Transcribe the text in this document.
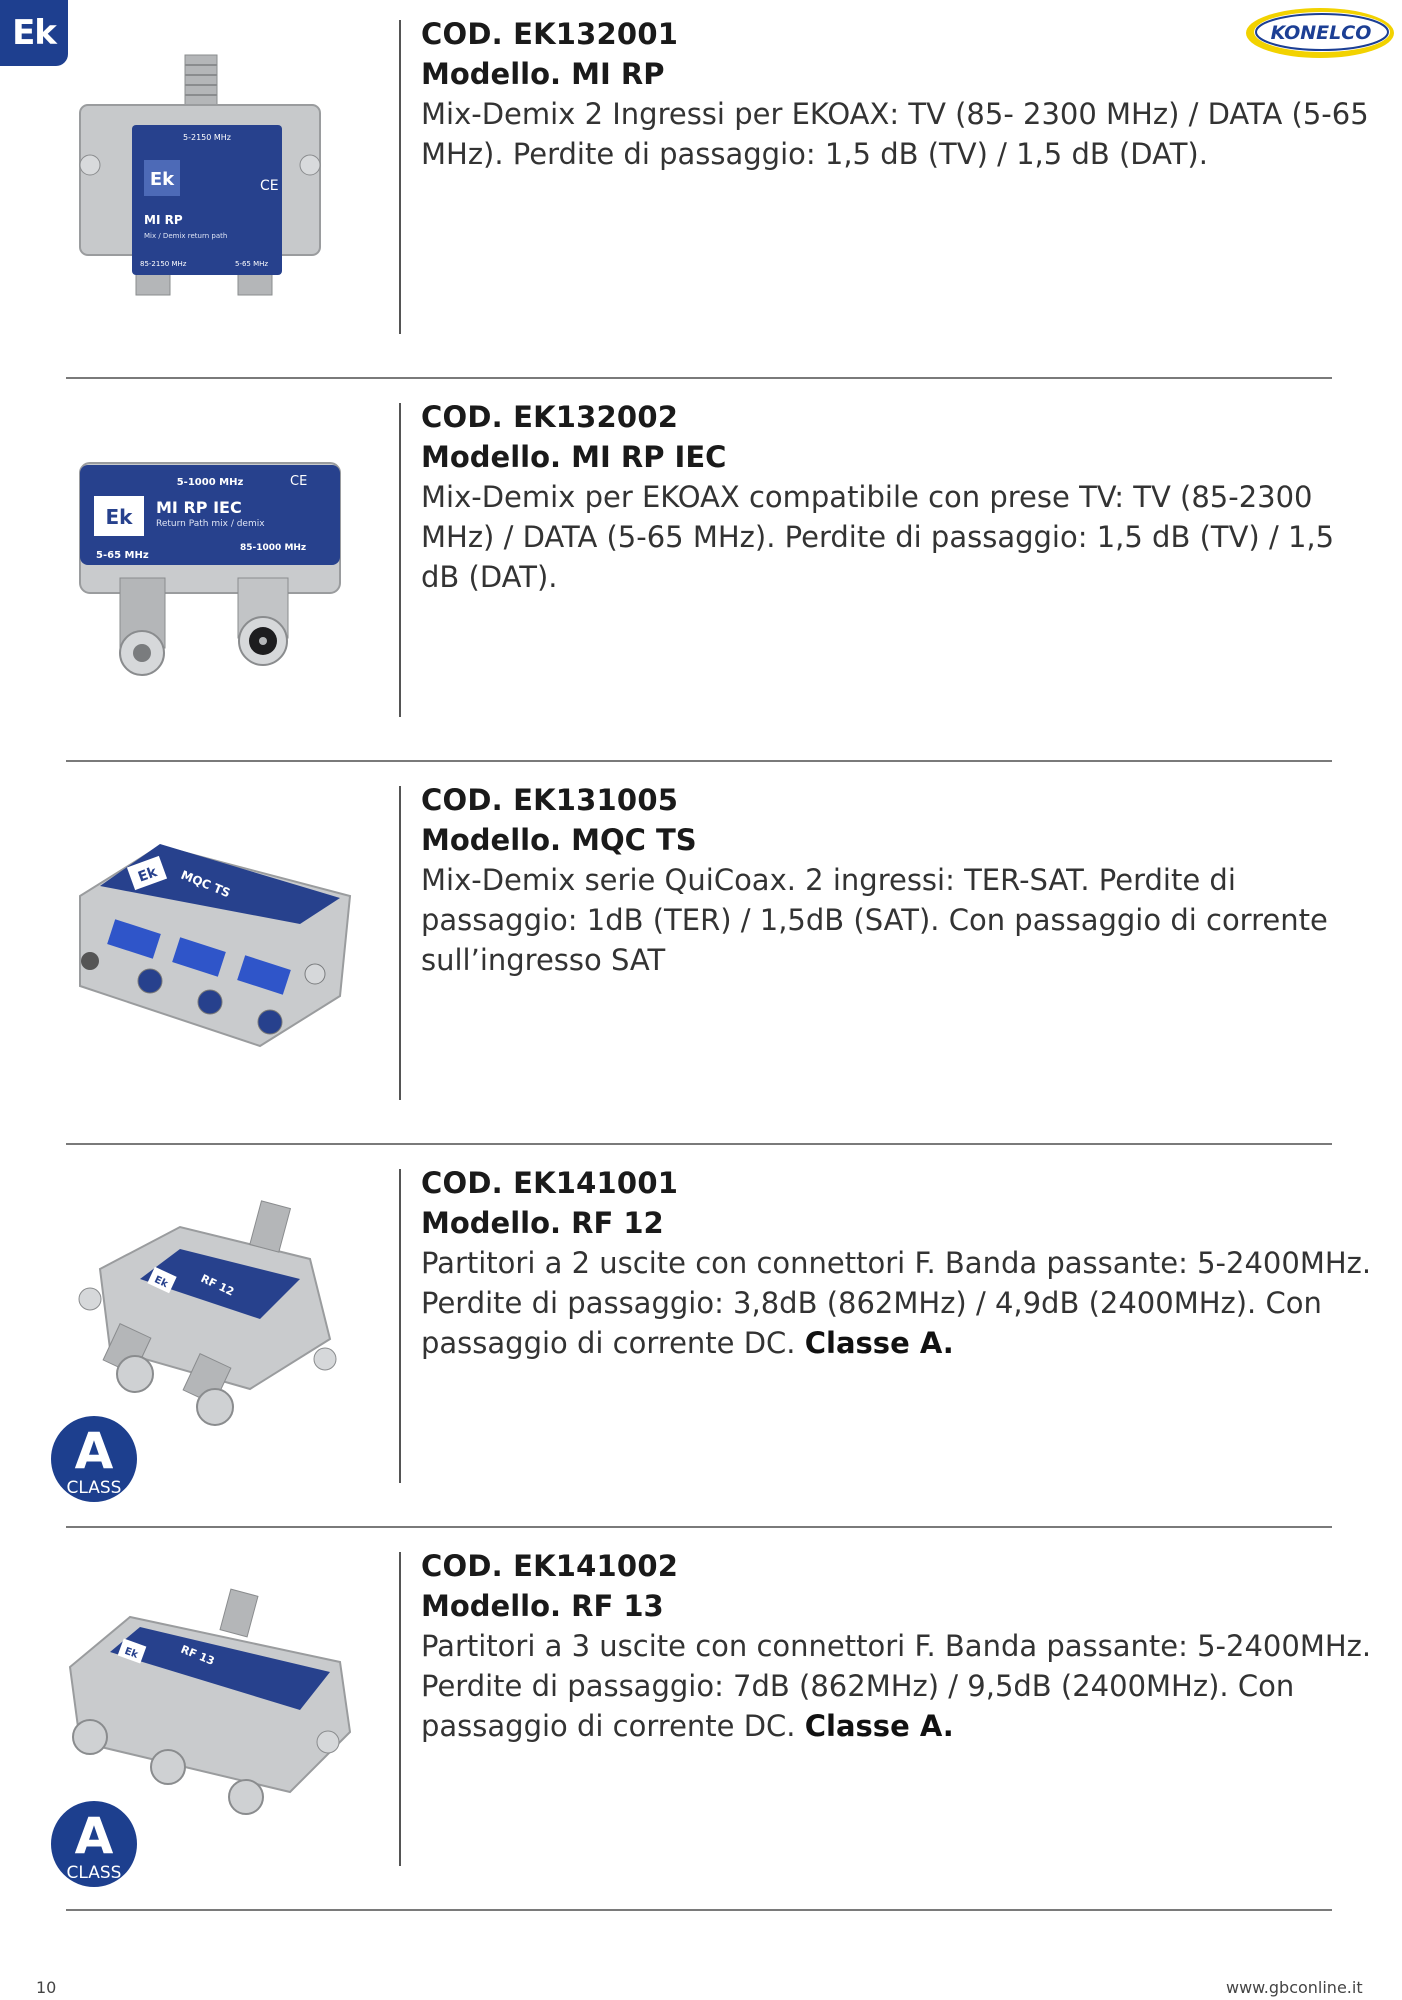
Ek	KONELCO
Ek
5-2150 MHz
MI RP
Mix / Demix return path
85-2150 MHz	5-65 MHz
CE
COD. EK132001
Modello. MI RP
Mix-Demix 2 Ingressi per EKOAX: TV (85- 2300 MHz) / DATA (5-65 MHz). Perdite di passaggio: 1,5 dB (TV) / 1,5 dB (DAT).
Ek
5-1000 MHz
MI RP IEC
Return Path mix / demix
5-65 MHz
85-1000 MHz
CE
COD. EK132002
Modello. MI RP IEC
Mix-Demix per EKOAX compatibile con prese TV: TV (85-2300 MHz) / DATA (5-65 MHz). Perdite di passaggio: 1,5 dB (TV) / 1,5 dB (DAT).
Ek MQC TS
COD. EK131005
Modello. MQC TS
Mix-Demix serie QuiCoax. 2 ingressi: TER-SAT. Perdite di passaggio: 1dB (TER) / 1,5dB (SAT). Con passaggio di corrente sull’ingresso SAT
Ek	RF 12
A
CLASS
COD. EK141001
Modello. RF 12
Partitori a 2 uscite con connettori F. Banda passante: 5-2400MHz. Perdite di passaggio: 3,8dB (862MHz) / 4,9dB (2400MHz). Con passaggio di corrente DC. Classe A.
Ek	RF 13
A
CLASS
COD. EK141002
Modello. RF 13
Partitori a 3 uscite con connettori F. Banda passante: 5-2400MHz. Perdite di passaggio: 7dB (862MHz) / 9,5dB (2400MHz). Con passaggio di corrente DC. Classe A.
10	www.gbconline.it
